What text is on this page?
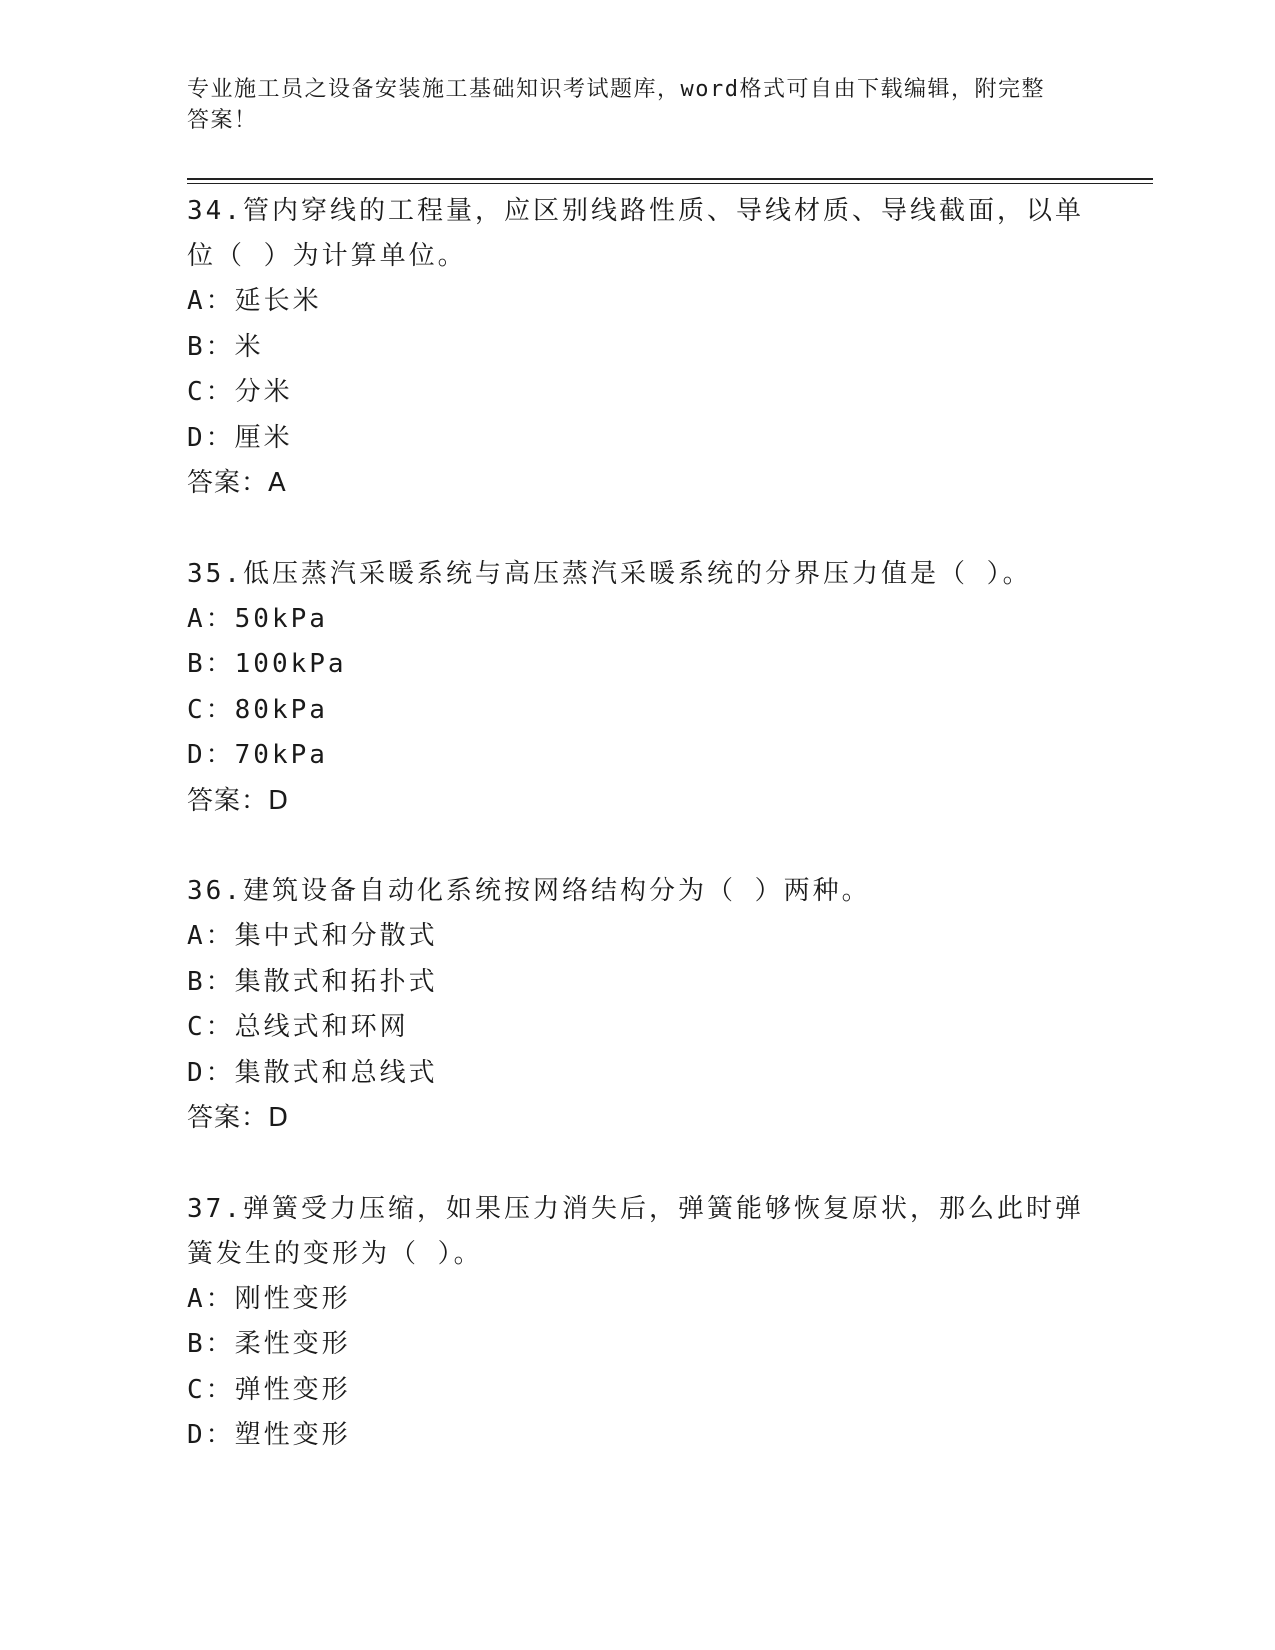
专业施工员之设备安装施工基础知识考试题库，word格式可自由下载编辑，附完整答案！
34.管内穿线的工程量，应区别线路性质、导线材质、导线截面，以单位（ ）为计算单位。
A：延长米
B：米
C：分米
D：厘米
答案：A
35.低压蒸汽采暖系统与高压蒸汽采暖系统的分界压力值是（ ）。
A：50kPa
B：100kPa
C：80kPa
D：70kPa
答案：D
36.建筑设备自动化系统按网络结构分为（ ）两种。
A：集中式和分散式
B：集散式和拓扑式
C：总线式和环网
D：集散式和总线式
答案：D
37.弹簧受力压缩，如果压力消失后，弹簧能够恢复原状，那么此时弹簧发生的变形为（ ）。
A：刚性变形
B：柔性变形
C：弹性变形
D：塑性变形
